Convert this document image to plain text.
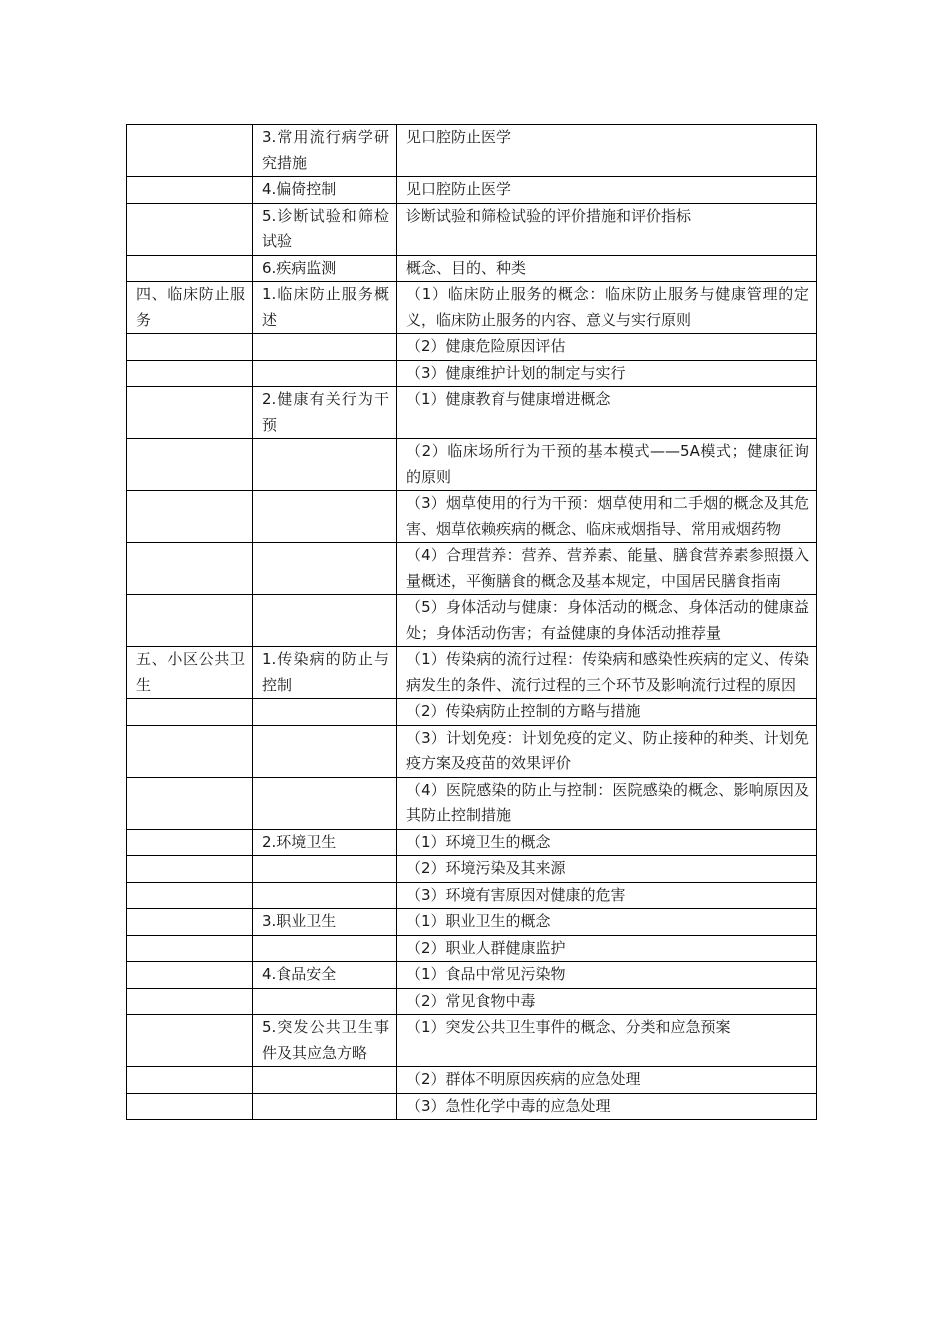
	3.常用流行病学研究措施	见口腔防止医学
	4.偏倚控制	见口腔防止医学
	5.诊断试验和筛检试验	诊断试验和筛检试验的评价措施和评价指标
	6.疾病监测	概念、目的、种类
四、临床防止服务	1.临床防止服务概述	（1）临床防止服务的概念：临床防止服务与健康管理的定义，临床防止服务的内容、意义与实行原则
		（2）健康危险原因评估
		（3）健康维护计划的制定与实行
	2.健康有关行为干预	（1）健康教育与健康增进概念
		（2）临床场所行为干预的基本模式——5A模式；健康征询的原则
		（3）烟草使用的行为干预：烟草使用和二手烟的概念及其危害、烟草依赖疾病的概念、临床戒烟指导、常用戒烟药物
		（4）合理营养：营养、营养素、能量、膳食营养素参照摄入量概述，平衡膳食的概念及基本规定，中国居民膳食指南
		（5）身体活动与健康：身体活动的概念、身体活动的健康益处；身体活动伤害；有益健康的身体活动推荐量
五、小区公共卫生	1.传染病的防止与控制	（1）传染病的流行过程：传染病和感染性疾病的定义、传染病发生的条件、流行过程的三个环节及影响流行过程的原因
		（2）传染病防止控制的方略与措施
		（3）计划免疫：计划免疫的定义、防止接种的种类、计划免疫方案及疫苗的效果评价
		（4）医院感染的防止与控制：医院感染的概念、影响原因及其防止控制措施
	2.环境卫生	（1）环境卫生的概念
		（2）环境污染及其来源
		（3）环境有害原因对健康的危害
	3.职业卫生	（1）职业卫生的概念
		（2）职业人群健康监护
	4.食品安全	（1）食品中常见污染物
		（2）常见食物中毒
	5.突发公共卫生事件及其应急方略	（1）突发公共卫生事件的概念、分类和应急预案
		（2）群体不明原因疾病的应急处理
		（3）急性化学中毒的应急处理
